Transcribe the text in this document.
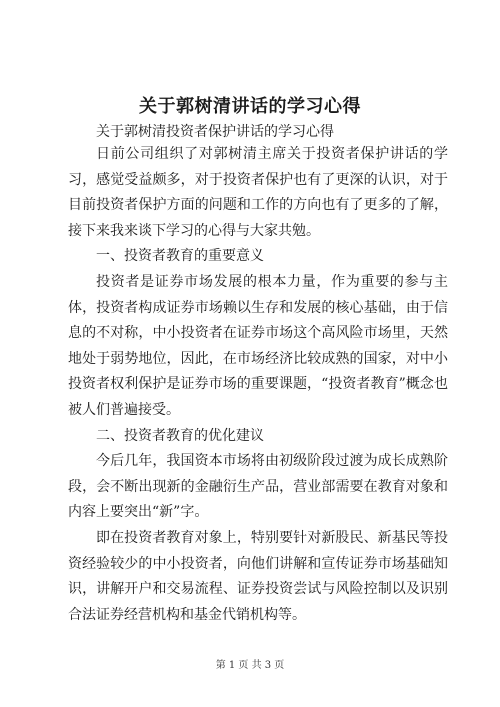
关于郭树清讲话的学习心得
关于郭树清投资者保护讲话的学习心得

日前公司组织了对郭树清主席关于投资者保护讲话的学习，感觉受益颇多，对于投资者保护也有了更深的认识，对于目前投资者保护方面的问题和工作的方向也有了更多的了解，接下来我来谈下学习的心得与大家共勉。

一、投资者教育的重要意义

投资者是证券市场发展的根本力量，作为重要的参与主体，投资者构成证券市场赖以生存和发展的核心基础，由于信息的不对称，中小投资者在证券市场这个高风险市场里，天然地处于弱势地位，因此，在市场经济比较成熟的国家，对中小投资者权利保护是证券市场的重要课题，“投资者教育”概念也被人们普遍接受。

二、投资者教育的优化建议

今后几年，我国资本市场将由初级阶段过渡为成长成熟阶段，会不断出现新的金融衍生产品，营业部需要在教育对象和内容上要突出“新”字。

即在投资者教育对象上，特别要针对新股民、新基民等投资经验较少的中小投资者，向他们讲解和宣传证券市场基础知识，讲解开户和交易流程、证券投资尝试与风险控制以及识别合法证券经营机构和基金代销机构等。

第 1 页 共 3 页
